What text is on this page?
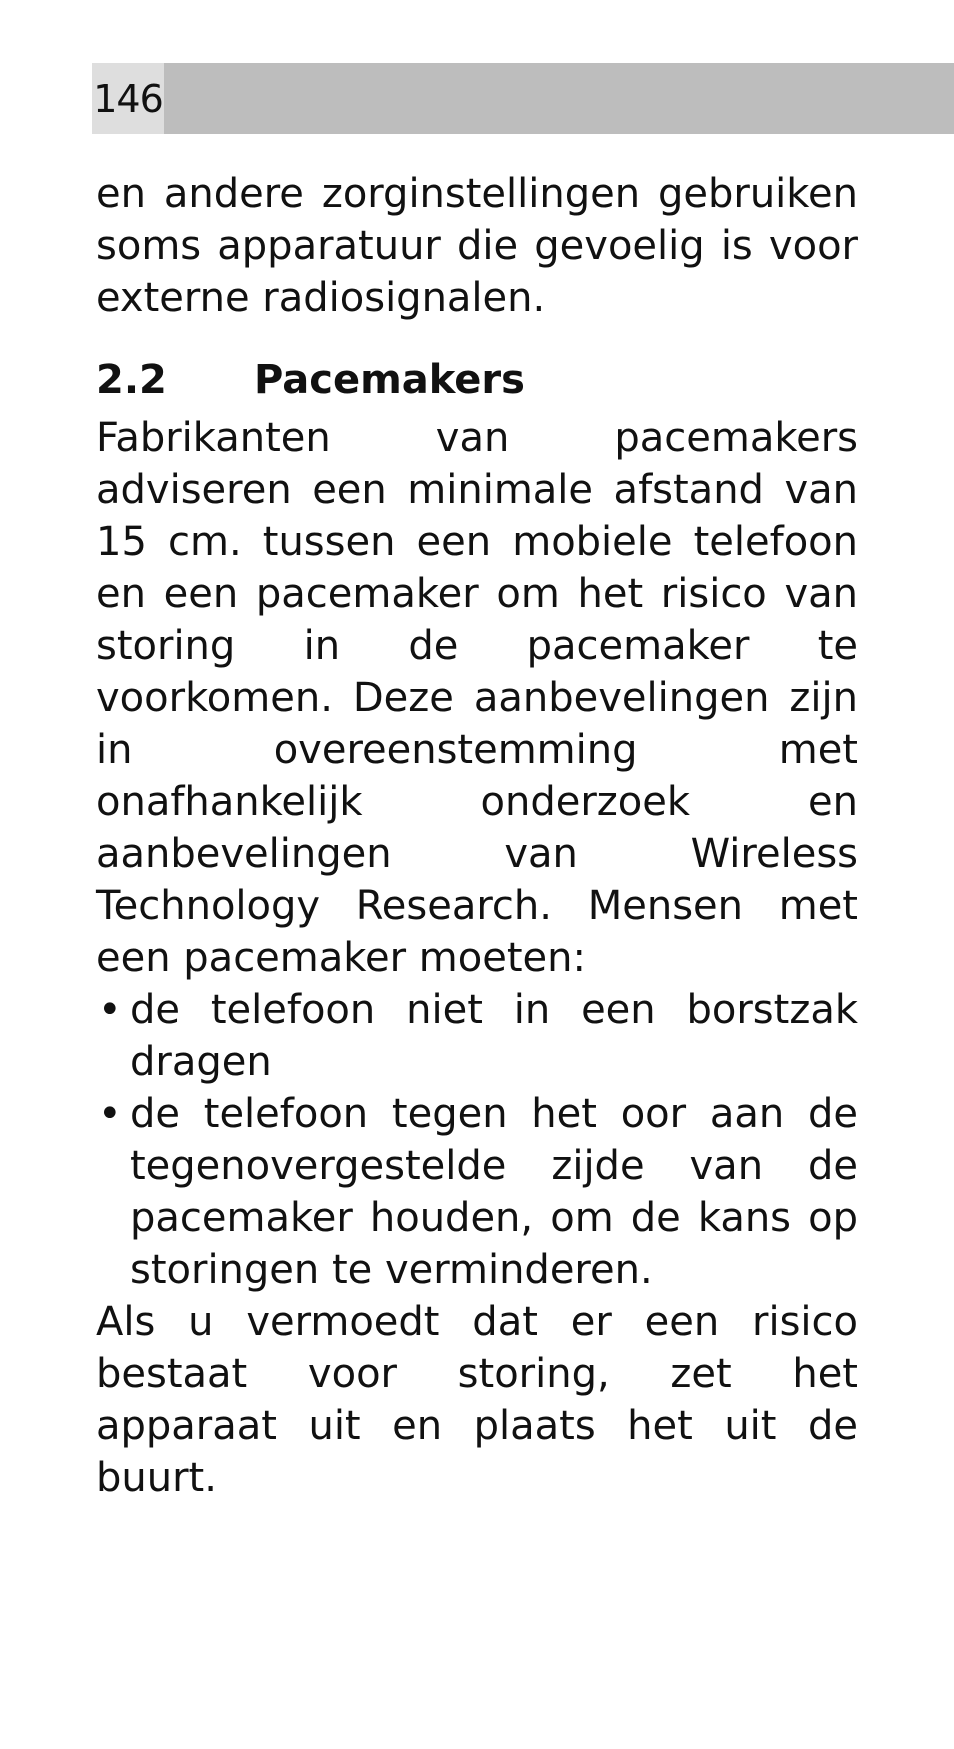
146

en andere zorginstellingen gebruiken soms apparatuur die gevoelig is voor externe radiosignalen.

2.2	Pacemakers

Fabrikanten van pacemakers adviseren een minimale afstand van 15 cm. tussen een mobiele telefoon en een pacemaker om het risico van storing in de pacemaker te voorkomen. Deze aanbevelingen zijn in overeenstemming met onafhankelijk onderzoek en aanbevelingen van Wireless Technology Research. Mensen met een pacemaker moeten:

• de telefoon niet in een borstzak dragen
• de telefoon tegen het oor aan de tegenovergestelde zijde van de pacemaker houden, om de kans op storingen te verminderen.

Als u vermoedt dat er een risico bestaat voor storing, zet het apparaat uit en plaats het uit de buurt.
